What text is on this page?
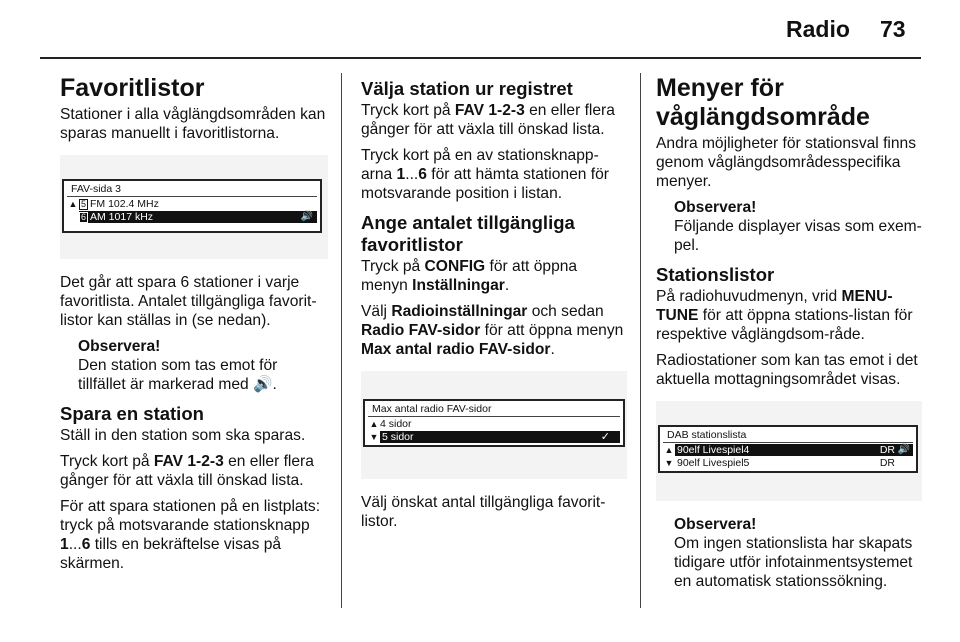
Radio 73
Favoritlistor

Stationer i alla våglängdsområden kan sparas manuellt i favoritlistorna.

FAV-sida 3
▲ 5 FM 102.4 MHz
6 AM 1017 kHz	🔊

Det går att spara 6 stationer i varje favoritlista. Antalet tillgängliga favorit-listor kan ställas in (se nedan).

Observera!
Den station som tas emot för tillfället är markerad med 🔊.
Spara en station

Ställ in den station som ska sparas.

Tryck kort på FAV 1-2-3 en eller flera gånger för att växla till önskad lista.

För att spara stationen på en listplats: tryck på motsvarande stationsknapp 1...6 tills en bekräftelse visas på skärmen.

Välja station ur registret

Tryck kort på FAV 1-2-3 en eller flera gånger för att växla till önskad lista.

Tryck kort på en av stationsknapp-arna 1...6 för att hämta stationen för motsvarande position i listan.

Ange antalet tillgängliga favoritlistor

Tryck på CONFIG för att öppna menyn Inställningar.

Välj Radioinställningar och sedan Radio FAV-sidor för att öppna menyn Max antal radio FAV-sidor.

Max antal radio FAV-sidor
▲ 4 sidor
▼ 5 sidor	✓

Välj önskat antal tillgängliga favorit-listor.

Menyer för våglängdsområde

Andra möjligheter för stationsval finns genom våglängdsområdesspecifika menyer.

Observera!
Följande displayer visas som exem-pel.
Stationslistor

På radiohuvudmenyn, vrid MENU-TUNE för att öppna stations-listan för respektive våglängdsom-råde.

Radiostationer som kan tas emot i det aktuella mottagningsområdet visas.

DAB stationslista
▲ 90elf Livespiel4	DR 🔊
▼ 90elf Livespiel5	DR
Observera!
Om ingen stationslista har skapats tidigare utför infotainmentsystemet en automatisk stationssökning.
